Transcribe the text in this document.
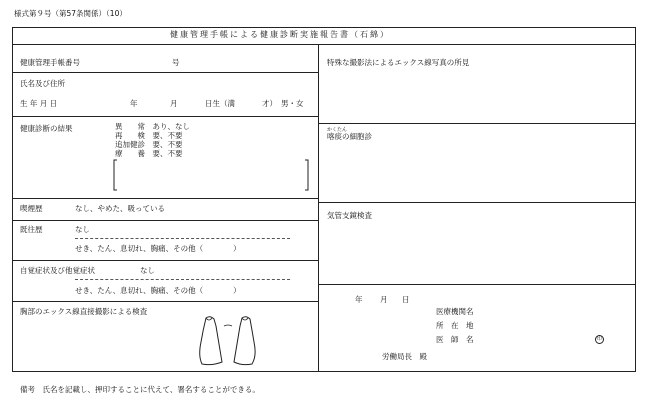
様式第９号（第57条関係）（10）
健康管理手帳による健康診断実施報告書（石綿）
健康管理手帳番号	号
氏名及び住所
生 年 月 日	年	月	日生（満	才） 男・女
健康診断の結果	異　　常　あり、なし
再　　検　要、不要
追加健診　要、不要
療　　養　要、不要
喫煙歴	なし、やめた、吸っている
既往歴	なし
せき、たん、息切れ、胸痛、その他（　　　　）
自覚症状及び他覚症状	なし
せき、たん、息切れ、胸痛、その他（　　　　）
胸部のエックス線直接撮影による検査
特殊な撮影法によるエックス線写真の所見
かくたん
喀痰の細胞診
気管支鏡検査
年 月 日
医療機関名
所　在　地
医　師　名	印
労働局長　殿
備考　氏名を記載し、押印することに代えて、署名することができる。
